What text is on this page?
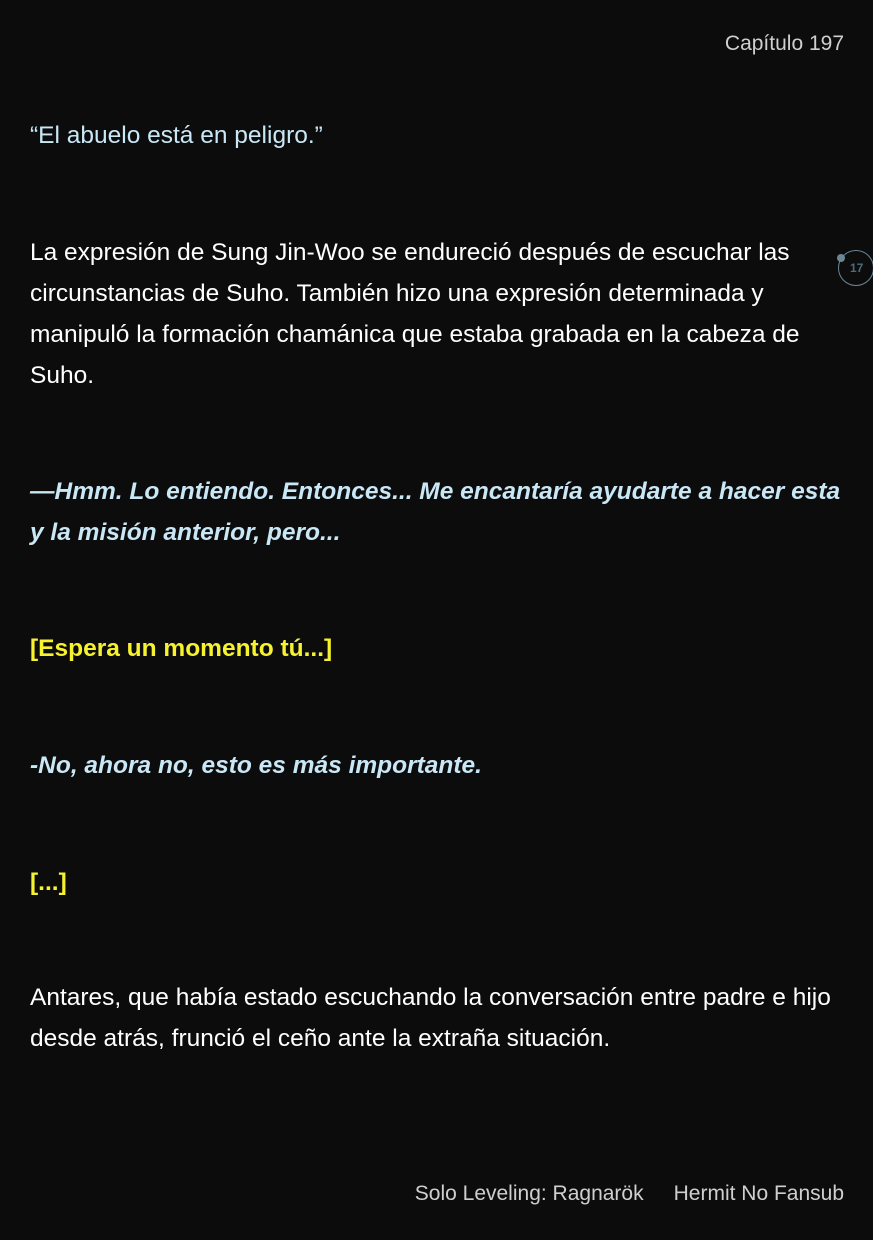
Capítulo 197

“El abuelo está en peligro.”

La expresión de Sung Jin-Woo se endureció después de escuchar las circunstancias de Suho. También hizo una expresión determinada y manipuló la formación chamánica que estaba grabada en la cabeza de Suho.

—Hmm. Lo entiendo. Entonces... Me encantaría ayudarte a hacer esta y la misión anterior, pero...

[Espera un momento tú...]

-No, ahora no, esto es más importante.

[...]

Antares, que había estado escuchando la conversación entre padre e hijo desde atrás, frunció el ceño ante la extraña situación.

17
Solo Leveling: Ragnarök Hermit No Fansub
